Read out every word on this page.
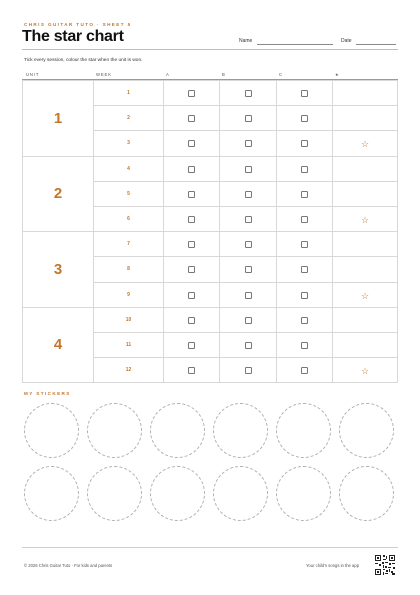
CHRIS GUITAR TUTO · SHEET 5
The star chart	Name	Date
Tick every session, colour the star when the unit is won.
UNIT	WEEK	A	B	C	★
1	1				
	2				
	3				☆
2	4				
	5				
	6				☆
3	7				
	8				
	9				☆
4	10				
	11				
	12				☆
MY STICKERS
© 2026 Chris Guitar Tuto · For kids and parents	Your child's songs in the app
